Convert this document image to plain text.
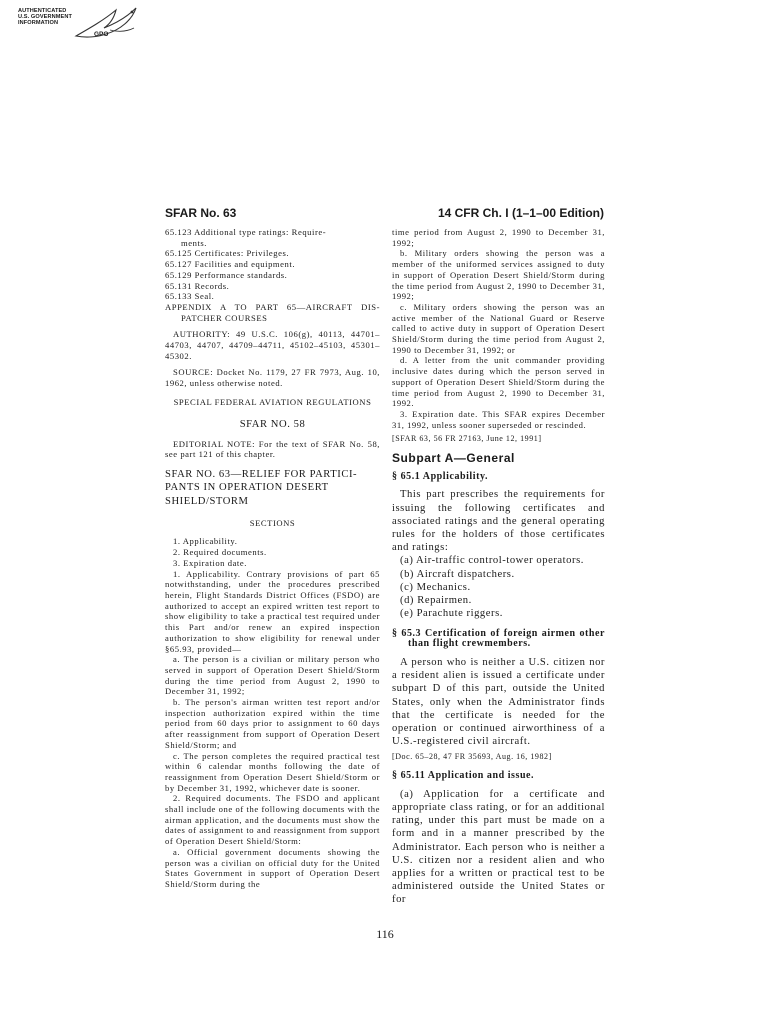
AUTHENTICATED
U.S. GOVERNMENT
INFORMATION
GPO
SFAR No. 63	14 CFR Ch. I (1–1–00 Edition)

65.123 Additional type ratings: Require-

ments.

65.125 Certificates: Privileges.

65.127 Facilities and equipment.

65.129 Performance standards.

65.131 Records.

65.133 Seal.

APPENDIX A TO PART 65—AIRCRAFT DIS-PATCHER COURSES

AUTHORITY: 49 U.S.C. 106(g), 40113, 44701–44703, 44707, 44709–44711, 45102–45103, 45301–45302.

SOURCE: Docket No. 1179, 27 FR 7973, Aug. 10, 1962, unless otherwise noted.

SPECIAL FEDERAL AVIATION REGULATIONS

SFAR NO. 58

EDITORIAL NOTE: For the text of SFAR No. 58, see part 121 of this chapter.

SFAR NO. 63—RELIEF FOR PARTICI-PANTS IN OPERATION DESERT SHIELD/STORM

SECTIONS

1. Applicability.

2. Required documents.

3. Expiration date.

1. Applicability. Contrary provisions of part 65 notwithstanding, under the procedures prescribed herein, Flight Standards District Offices (FSDO) are authorized to accept an expired written test report to show eligibility to take a practical test required under this Part and/or renew an expired inspection authorization to show eligibility for renewal under §65.93, provided—

a. The person is a civilian or military person who served in support of Operation Desert Shield/Storm during the time period from August 2, 1990 to December 31, 1992;

b. The person's airman written test report and/or inspection authorization expired within the time period from 60 days prior to assignment to 60 days after reassignment from support of Operation Desert Shield/Storm; and

c. The person completes the required practical test within 6 calendar months following the date of reassignment from Operation Desert Shield/Storm or by December 31, 1992, whichever date is sooner.

2. Required documents. The FSDO and applicant shall include one of the following documents with the airman application, and the documents must show the dates of assignment to and reassignment from support of Operation Desert Shield/Storm:

a. Official government documents showing the person was a civilian on official duty for the United States Government in support of Operation Desert Shield/Storm during the

time period from August 2, 1990 to December 31, 1992;

b. Military orders showing the person was a member of the uniformed services assigned to duty in support of Operation Desert Shield/Storm during the time period from August 2, 1990 to December 31, 1992;

c. Military orders showing the person was an active member of the National Guard or Reserve called to active duty in support of Operation Desert Shield/Storm during the time period from August 2, 1990 to December 31, 1992; or

d. A letter from the unit commander providing inclusive dates during which the person served in support of Operation Desert Shield/Storm during the time period from August 2, 1990 to December 31, 1992.

3. Expiration date. This SFAR expires December 31, 1992, unless sooner superseded or rescinded.

[SFAR 63, 56 FR 27163, June 12, 1991]

Subpart A—General

§ 65.1 Applicability.

This part prescribes the requirements for issuing the following certificates and associated ratings and the general operating rules for the holders of those certificates and ratings:

(a) Air-traffic control-tower operators.

(b) Aircraft dispatchers.

(c) Mechanics.

(d) Repairmen.

(e) Parachute riggers.

§ 65.3 Certification of foreign airmen other than flight crewmembers.

A person who is neither a U.S. citizen nor a resident alien is issued a certificate under subpart D of this part, outside the United States, only when the Administrator finds that the certificate is needed for the operation or continued airworthiness of a U.S.-registered civil aircraft.

[Doc. 65–28, 47 FR 35693, Aug. 16, 1982]

§ 65.11 Application and issue.

(a) Application for a certificate and appropriate class rating, or for an additional rating, under this part must be made on a form and in a manner prescribed by the Administrator. Each person who is neither a U.S. citizen nor a resident alien and who applies for a written or practical test to be administered outside the United States or for

116
